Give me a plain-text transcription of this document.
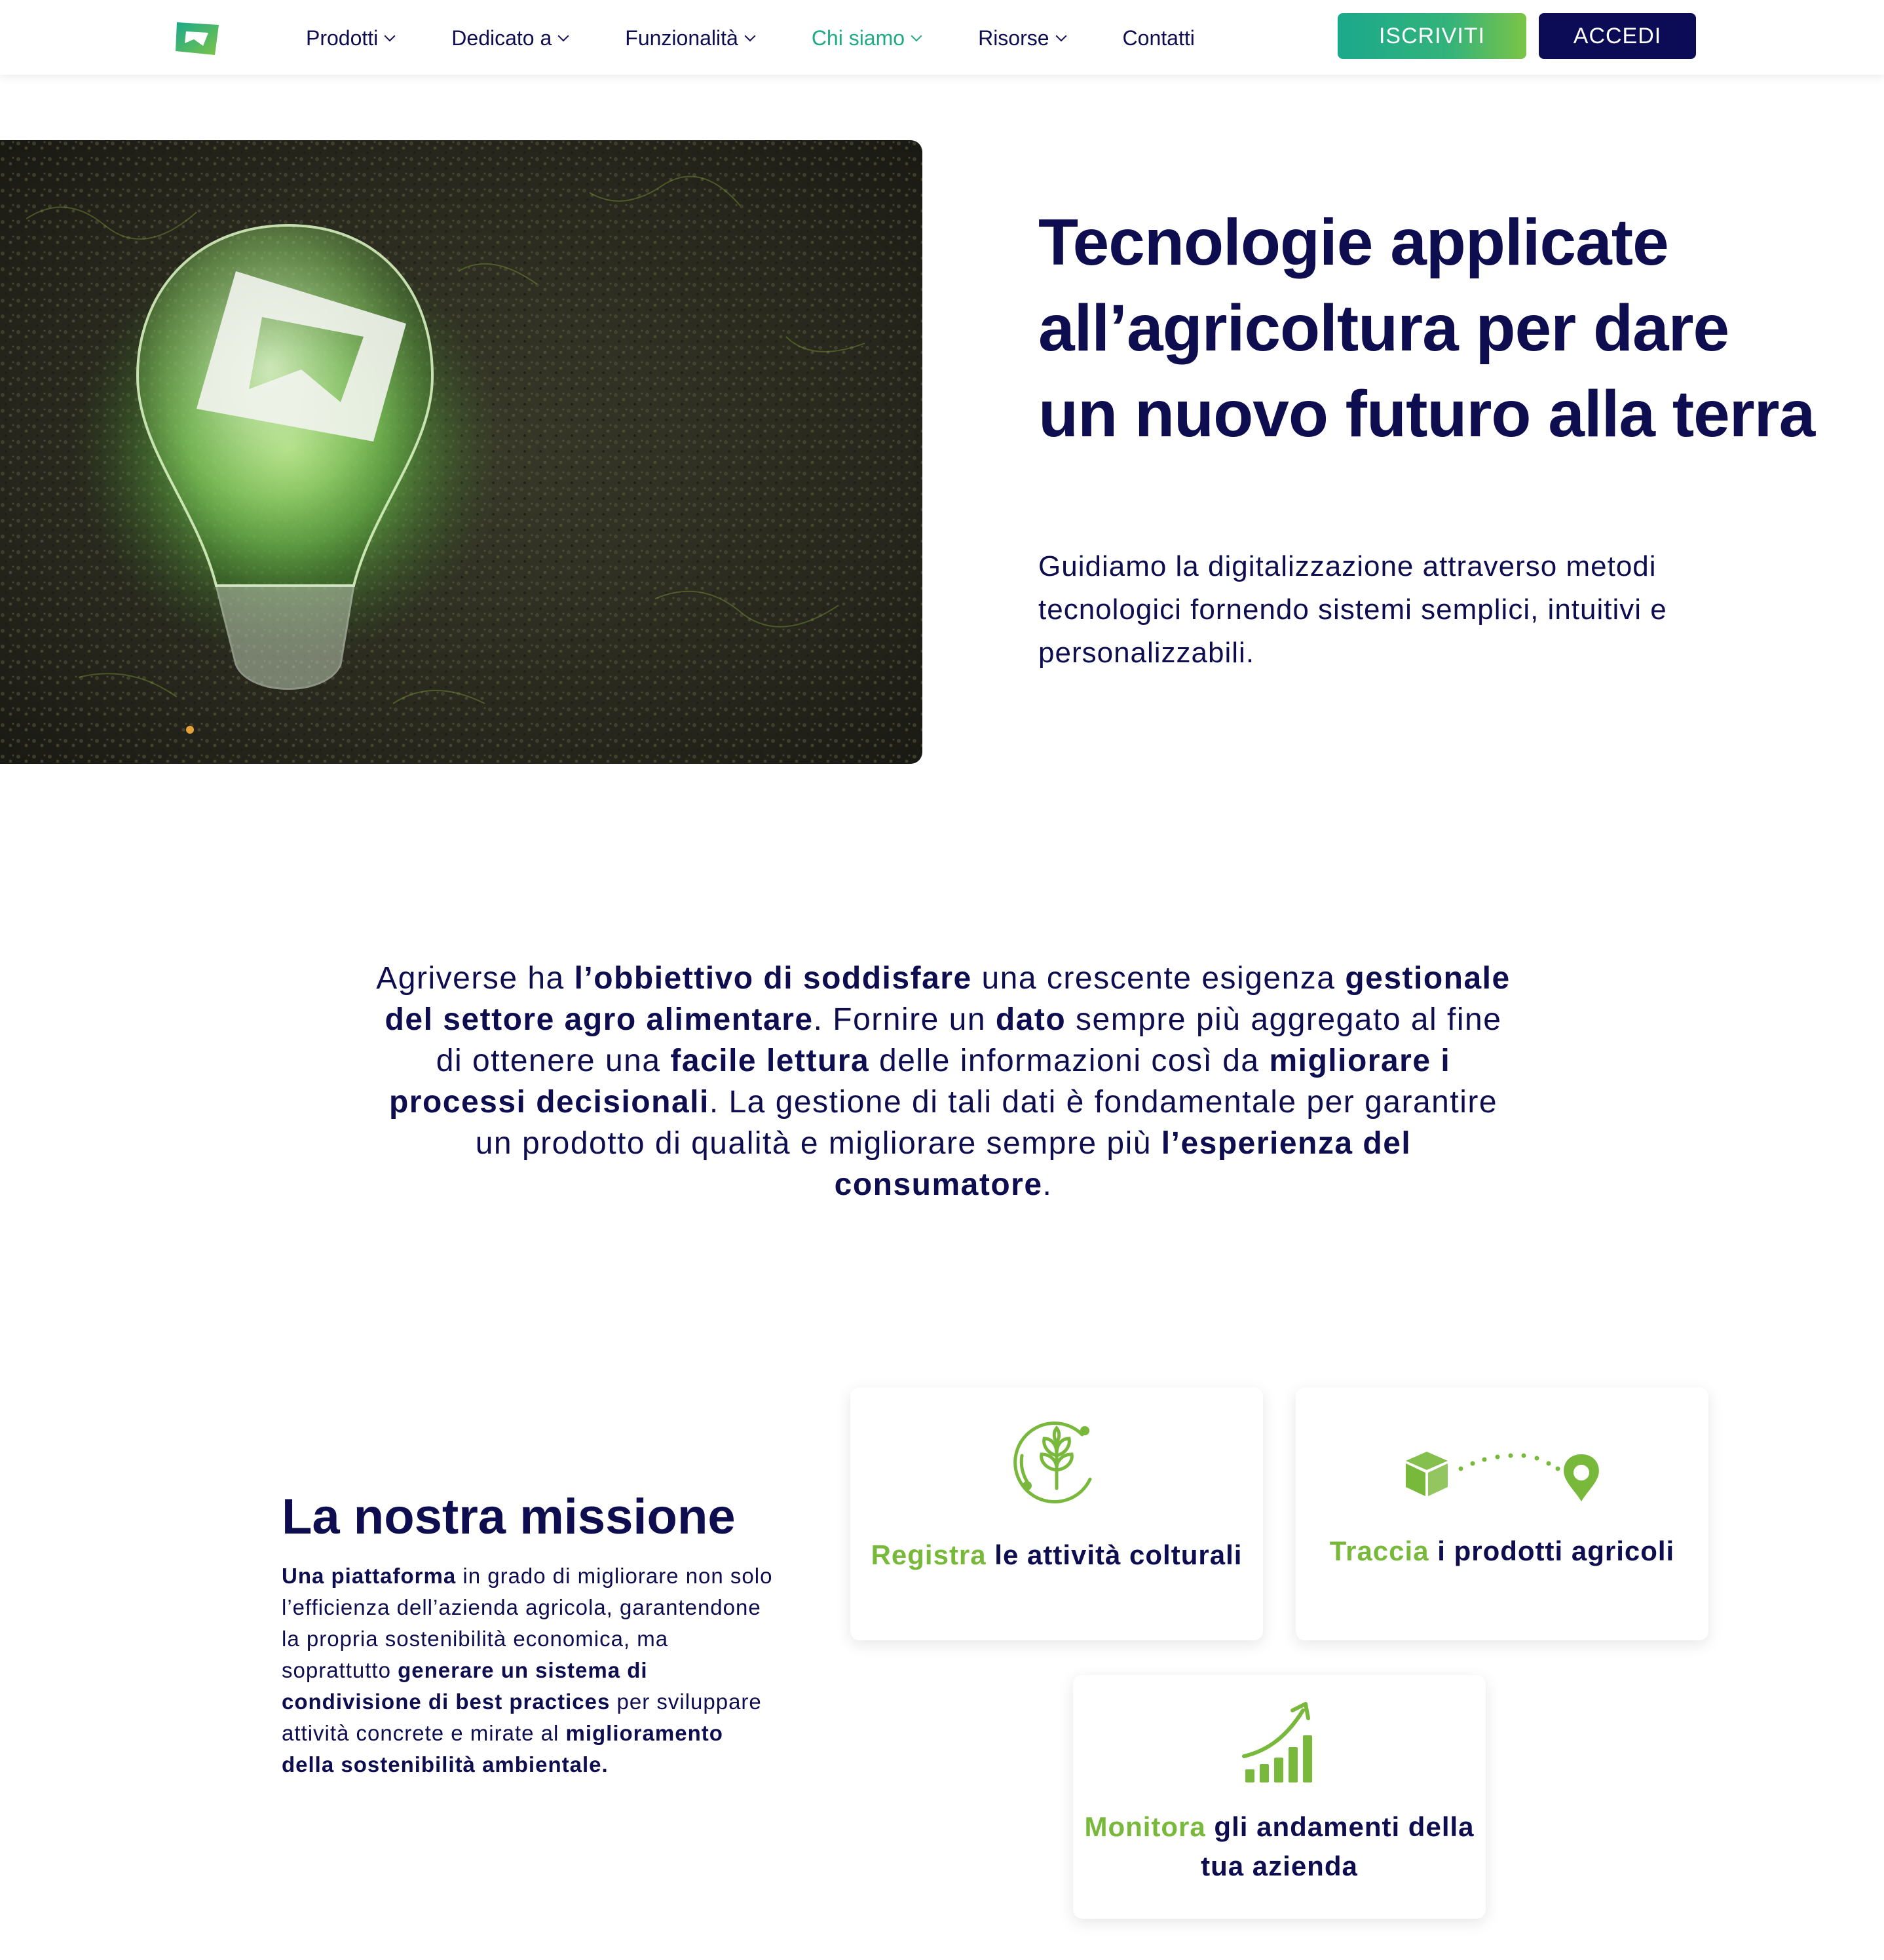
Prodotti	Dedicato a	Funzionalità	Chi siamo	Risorse	Contatti	ISCRIVITI	ACCEDI
Tecnologie applicate all’agricoltura per dare un nuovo futuro alla terra

Guidiamo la digitalizzazione attraverso metodi tecnologici fornendo sistemi semplici, intuitivi e personalizzabili.

Agriverse ha l’obbiettivo di soddisfare una crescente esigenza gestionale del settore agro alimentare. Fornire un dato sempre più aggregato al fine di ottenere una facile lettura delle informazioni così da migliorare i processi decisionali. La gestione di tali dati è fondamentale per garantire un prodotto di qualità e migliorare sempre più l’esperienza del consumatore.

La nostra missione

Una piattaforma in grado di migliorare non solo l’efficienza dell’azienda agricola, garantendone la propria sostenibilità economica, ma soprattutto generare un sistema di condivisione di best practices per sviluppare attività concrete e mirate al miglioramento della sostenibilità ambientale.

Registra le attività colturali	Traccia i prodotti agricoli
Monitora gli andamenti della tua azienda
